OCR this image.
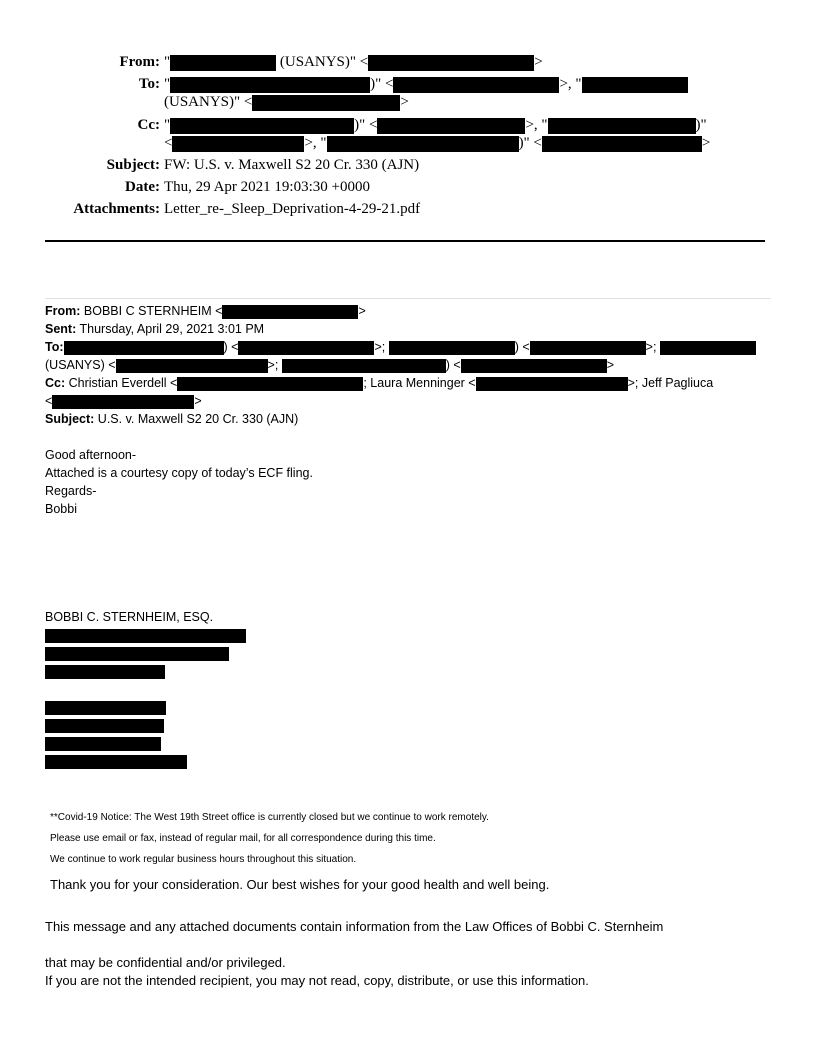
From: "	(USANYS)" <	>
To: "	)" <	>, "
(USANYS)" <	>
Cc: "	)" <	>, "	)"
<	>, "	)" <	>
Subject: FW: U.S. v. Maxwell S2 20 Cr. 330 (AJN)
Date: Thu, 29 Apr 2021 19:03:30 +0000
Attachments: Letter_re-_Sleep_Deprivation-4-29-21.pdf
From: BOBBI C STERNHEIM <	>
Sent: Thursday, April 29, 2021 3:01 PM
To:	) <	>;	) <	>;
(USANYS) <	>;	) <	>
Cc: Christian Everdell <	; Laura Menninger <	>; Jeff Pagliuca
<	>
Subject: U.S. v. Maxwell S2 20 Cr. 330 (AJN)
Good afternoon-
Attached is a courtesy copy of today’s ECF fling.
Regards-
Bobbi
BOBBI C. STERNHEIM, ESQ.
**Covid-19 Notice: The West 19th Street office is currently closed but we continue to work remotely.
Please use email or fax, instead of regular mail, for all correspondence during this time.
We continue to work regular business hours throughout this situation.
Thank you for your consideration. Our best wishes for your good health and well being.
This message and any attached documents contain information from the Law Offices of Bobbi C. Sternheim
that may be confidential and/or privileged.
If you are not the intended recipient, you may not read, copy, distribute, or use this information.
